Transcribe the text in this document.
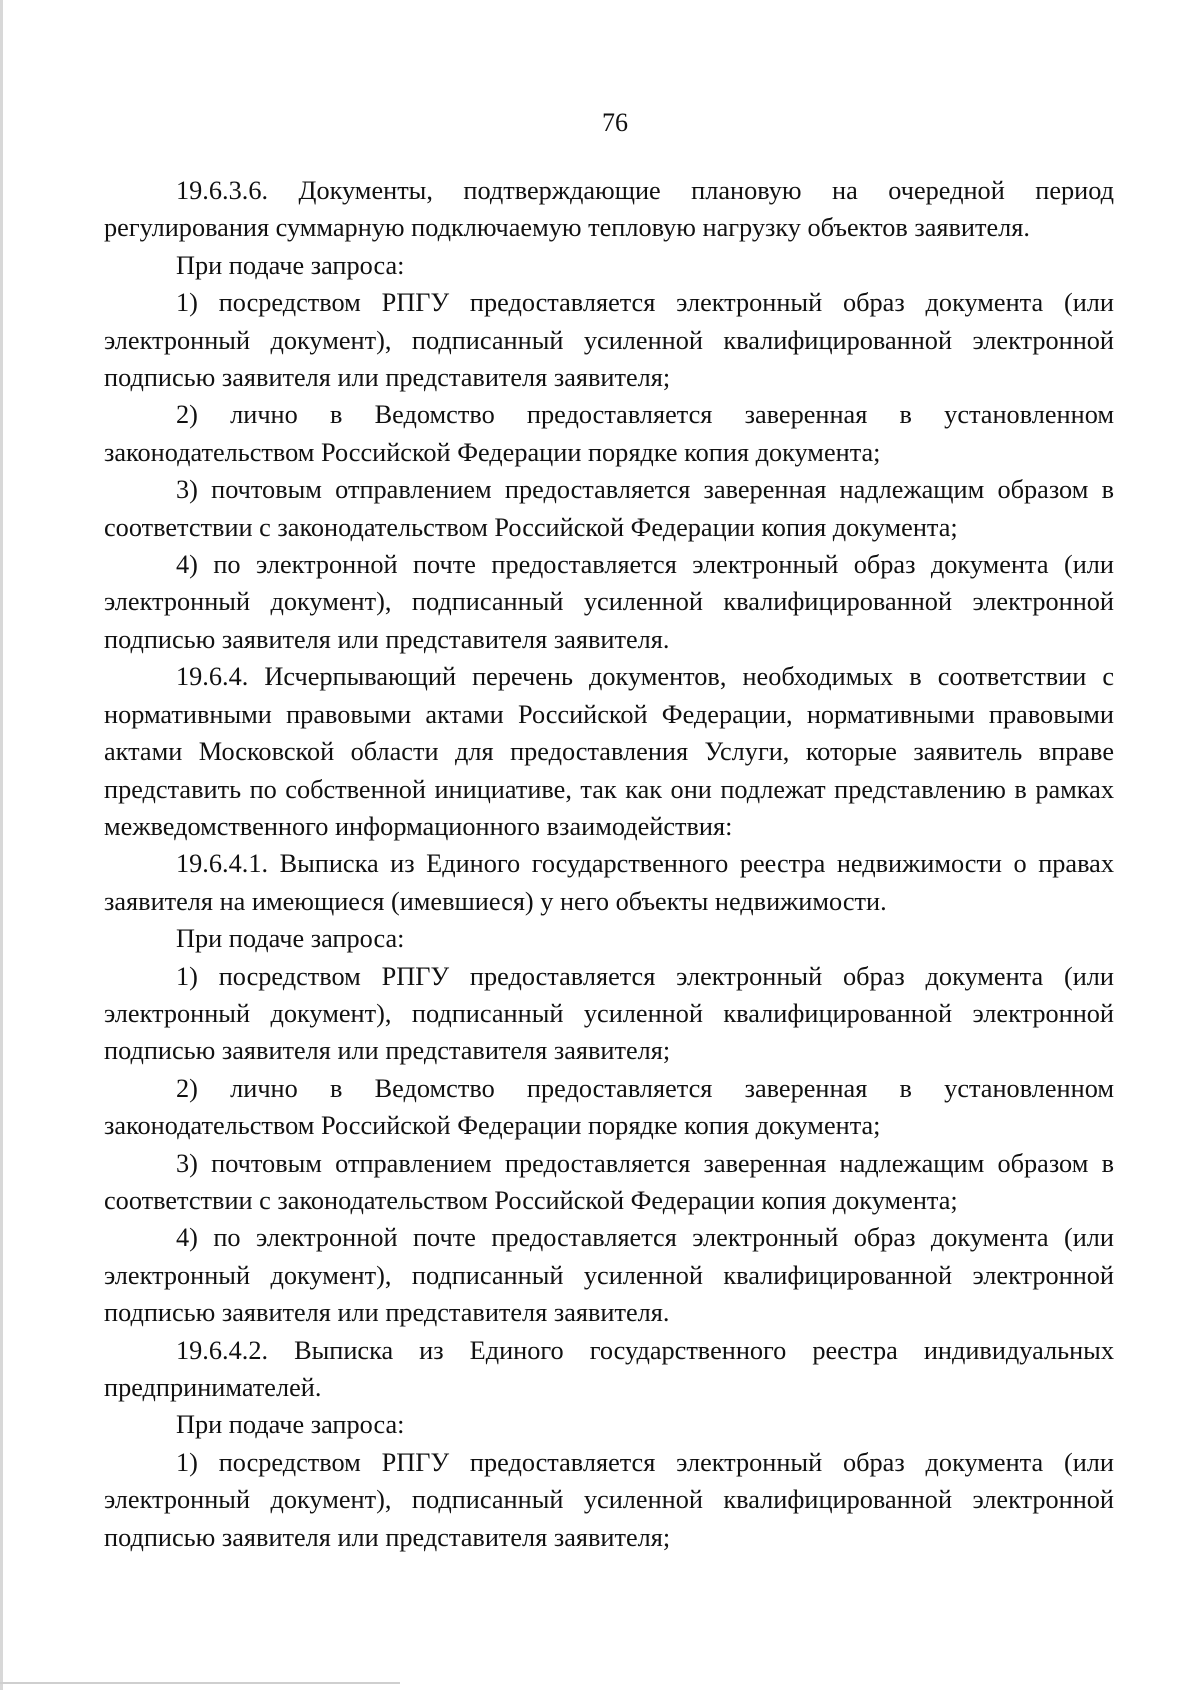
76

19.6.3.6. Документы, подтверждающие плановую на очередной период регулирования суммарную подключаемую тепловую нагрузку объектов заявителя.

При подаче запроса:

1) посредством РПГУ предоставляется электронный образ документа (или электронный документ), подписанный усиленной квалифицированной электронной подписью заявителя или представителя заявителя;

2) лично в Ведомство предоставляется заверенная в установленном законодательством Российской Федерации порядке копия документа;

3) почтовым отправлением предоставляется заверенная надлежащим образом в соответствии с законодательством Российской Федерации копия документа;

4) по электронной почте предоставляется электронный образ документа (или электронный документ), подписанный усиленной квалифицированной электронной подписью заявителя или представителя заявителя.

19.6.4. Исчерпывающий перечень документов, необходимых в соответствии с нормативными правовыми актами Российской Федерации, нормативными правовыми актами Московской области для предоставления Услуги, которые заявитель вправе представить по собственной инициативе, так как они подлежат представлению в рамках межведомственного информационного взаимодействия:

19.6.4.1. Выписка из Единого государственного реестра недвижимости о правах заявителя на имеющиеся (имевшиеся) у него объекты недвижимости.

При подаче запроса:

1) посредством РПГУ предоставляется электронный образ документа (или электронный документ), подписанный усиленной квалифицированной электронной подписью заявителя или представителя заявителя;

2) лично в Ведомство предоставляется заверенная в установленном законодательством Российской Федерации порядке копия документа;

3) почтовым отправлением предоставляется заверенная надлежащим образом в соответствии с законодательством Российской Федерации копия документа;

4) по электронной почте предоставляется электронный образ документа (или электронный документ), подписанный усиленной квалифицированной электронной подписью заявителя или представителя заявителя.

19.6.4.2. Выписка из Единого государственного реестра индивидуальных предпринимателей.

При подаче запроса:

1) посредством РПГУ предоставляется электронный образ документа (или электронный документ), подписанный усиленной квалифицированной электронной подписью заявителя или представителя заявителя;
